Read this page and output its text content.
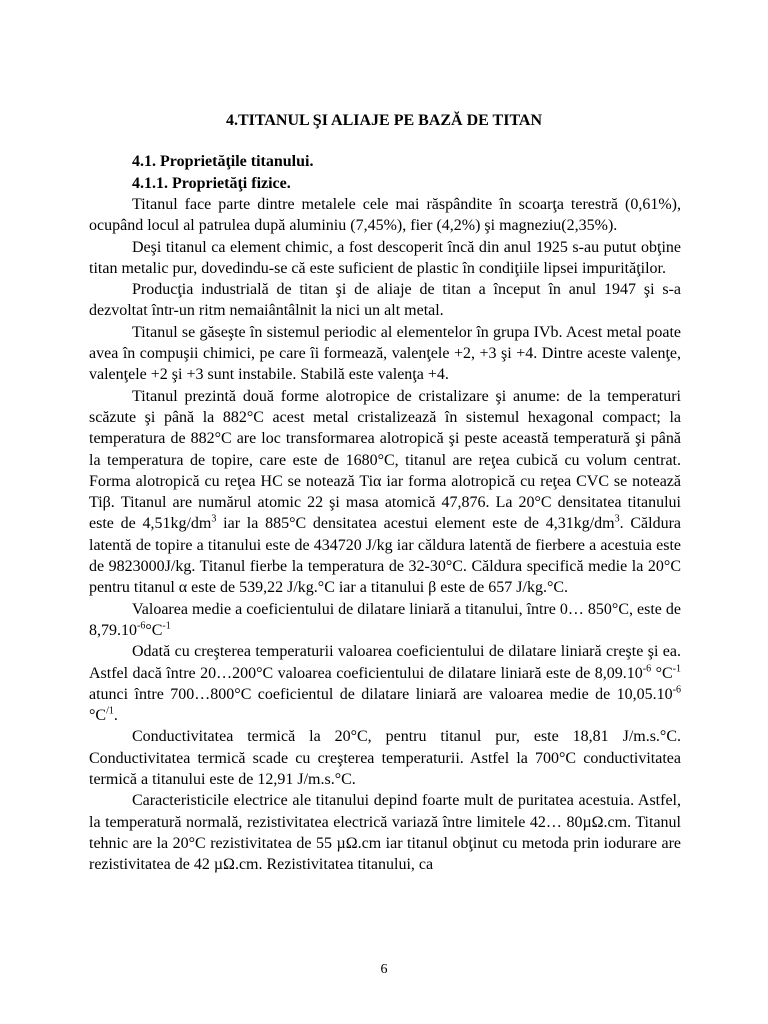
4.TITANUL ŞI ALIAJE PE BAZĂ DE TITAN
4.1. Proprietăţile titanului.
4.1.1. Proprietăţi fizice.

Titanul face parte dintre metalele cele mai răspândite în scoarţa terestră (0,61%), ocupând locul al patrulea după aluminiu (7,45%), fier (4,2%) şi magneziu(2,35%).

Deşi titanul ca element chimic, a fost descoperit încă din anul 1925 s-au putut obţine titan metalic pur, dovedindu-se că este suficient de plastic în condiţiile lipsei impurităţilor.

Producţia industrială de titan şi de aliaje de titan a început în anul 1947 şi s-a dezvoltat într-un ritm nemaiântâlnit la nici un alt metal.

Titanul se găseşte în sistemul periodic al elementelor în grupa IVb. Acest metal poate avea în compuşii chimici, pe care îi formează, valenţele +2, +3 şi +4. Dintre aceste valenţe, valenţele +2 şi +3 sunt instabile. Stabilă este valenţa +4.

Titanul prezintă două forme alotropice de cristalizare şi anume: de la temperaturi scăzute şi până la 882°C acest metal cristalizează în sistemul hexagonal compact; la temperatura de 882°C are loc transformarea alotropică şi peste această temperatură şi până la temperatura de topire, care este de 1680°C, titanul are reţea cubică cu volum centrat. Forma alotropică cu reţea HC se notează Tiα iar forma alotropică cu reţea CVC se notează Tiβ. Titanul are numărul atomic 22 şi masa atomică 47,876. La 20°C densitatea titanului este de $4,51kg/dm^3$ iar la 885°C densitatea acestui element este de $4,31kg/dm^3$. Căldura latentă de topire a titanului este de 434720 J/kg iar căldura latentă de fierbere a acestuia este de 9823000J/kg. Titanul fierbe la temperatura de 32-30°C. Căldura specifică medie la 20°C pentru titanul α este de 539,22 J/kg.°C iar a titanului β este de 657 J/kg.°C.

Valoarea medie a coeficientului de dilatare liniară a titanului, între 0… 850°C, este de $8,79.10^{-6}^\circ C^{-1}$

Odată cu creşterea temperaturii valoarea coeficientului de dilatare liniară creşte şi ea. Astfel dacă între 20…200°C valoarea coeficientului de dilatare liniară este de $8,09.10^{-6}$ $^\circ C^{-1}$ atunci între 700…800°C coeficientul de dilatare liniară are valoarea medie de $10,05.10^{-6}$ $^\circ C^{/1}$.

Conductivitatea termică la 20°C, pentru titanul pur, este 18,81 J/m.s.°C. Conductivitatea termică scade cu creşterea temperaturii. Astfel la 700°C conductivitatea termică a titanului este de 12,91 J/m.s.°C.

Caracteristicile electrice ale titanului depind foarte mult de puritatea acestuia. Astfel, la temperatură normală, rezistivitatea electrică variază între limitele 42… 80µΩ.cm. Titanul tehnic are la 20°C rezistivitatea de 55 µΩ.cm iar titanul obţinut cu metoda prin iodurare are rezistivitatea de 42 µΩ.cm. Rezistivitatea titanului, ca

6
